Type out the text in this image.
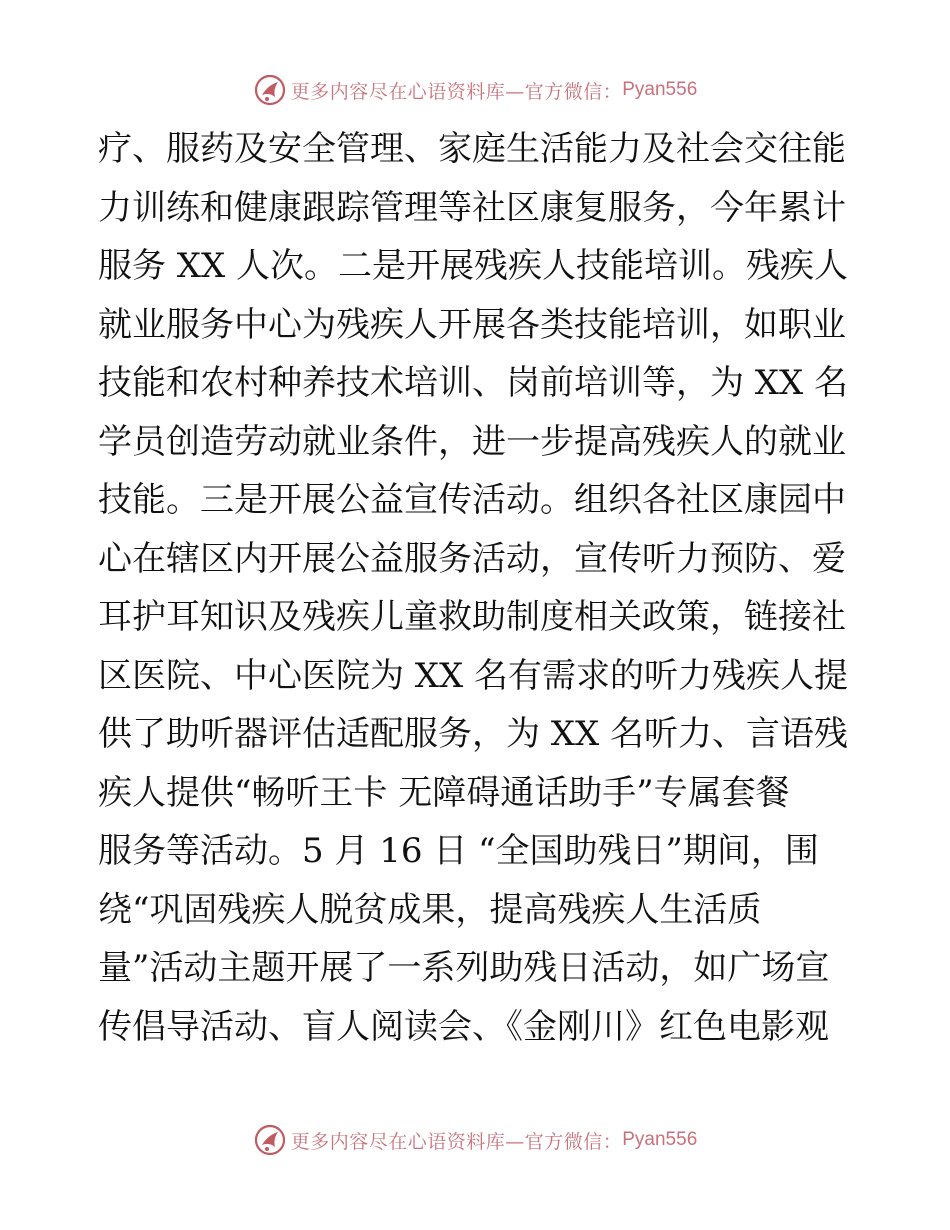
更多内容尽在心语资料库—官方微信： Pyan556
疗、服药及安全管理、家庭生活能力及社会交往能
力训练和健康跟踪管理等社区康复服务，今年累计
服务 XX 人次。二是开展残疾人技能培训。残疾人
就业服务中心为残疾人开展各类技能培训，如职业
技能和农村种养技术培训、岗前培训等，为 XX 名
学员创造劳动就业条件，进一步提高残疾人的就业
技能。三是开展公益宣传活动。组织各社区康园中
心在辖区内开展公益服务活动，宣传听力预防、爱
耳护耳知识及残疾儿童救助制度相关政策，链接社
区医院、中心医院为 XX 名有需求的听力残疾人提
供了助听器评估适配服务，为 XX 名听力、言语残
疾人提供“畅听王卡 无障碍通话助手”专属套餐
服务等活动。5 月 16 日 “全国助残日”期间，围
绕“巩固残疾人脱贫成果，提高残疾人生活质
量”活动主题开展了一系列助残日活动，如广场宣
传倡导活动、盲人阅读会、《金刚川》红色电影观
更多内容尽在心语资料库—官方微信： Pyan556
